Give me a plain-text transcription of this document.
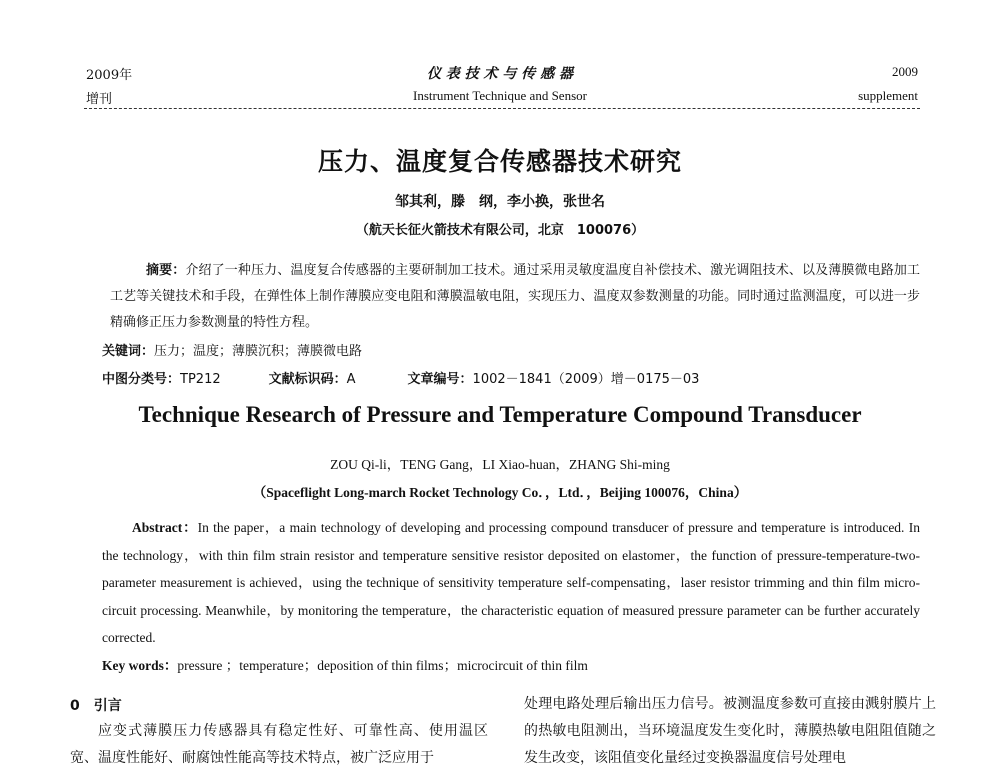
2009年
增刊
仪 表 技 术 与 传 感 器
Instrument Technique and Sensor
2009
supplement
压力、温度复合传感器技术研究
邹其利，滕　纲，李小换，张世名
（航天长征火箭技术有限公司，北京　100076）
摘要：介绍了一种压力、温度复合传感器的主要研制加工技术。通过采用灵敏度温度自补偿技术、激光调阻技术、以及薄膜微电路加工工艺等关键技术和手段，在弹性体上制作薄膜应变电阻和薄膜温敏电阻，实现压力、温度双参数测量的功能。同时通过监测温度，可以进一步精确修正压力参数测量的特性方程。
关键词：压力；温度；薄膜沉积；薄膜微电路
中图分类号：TP212	文献标识码：A	文章编号：1002－1841（2009）增－0175－03
Technique Research of Pressure and Temperature Compound Transducer
ZOU Qi-li，TENG Gang，LI Xiao-huan，ZHANG Shi-ming
（Spaceflight Long-march Rocket Technology Co．，Ltd．，Beijing 100076，China）
Abstract：In the paper，a main technology of developing and processing compound transducer of pressure and temperature is introduced. In the technology，with thin film strain resistor and temperature sensitive resistor deposited on elastomer，the function of pressure-temperature-two-parameter measurement is achieved，using the technique of sensitivity temperature self-compensating，laser resistor trimming and thin film micro-circuit processing. Meanwhile，by monitoring the temperature，the characteristic equation of measured pressure parameter can be further accurately corrected.
Key words：pressure ；temperature；deposition of thin films；microcircuit of thin film
0　引言
应变式薄膜压力传感器具有稳定性好、可靠性高、使用温区宽、温度性能好、耐腐蚀性能高等技术特点，被广泛应用于
处理电路处理后输出压力信号。被测温度参数可直接由溅射膜片上的热敏电阻测出，当环境温度发生变化时，薄膜热敏电阻阻值随之发生改变，该阻值变化量经过变换器温度信号处理电
